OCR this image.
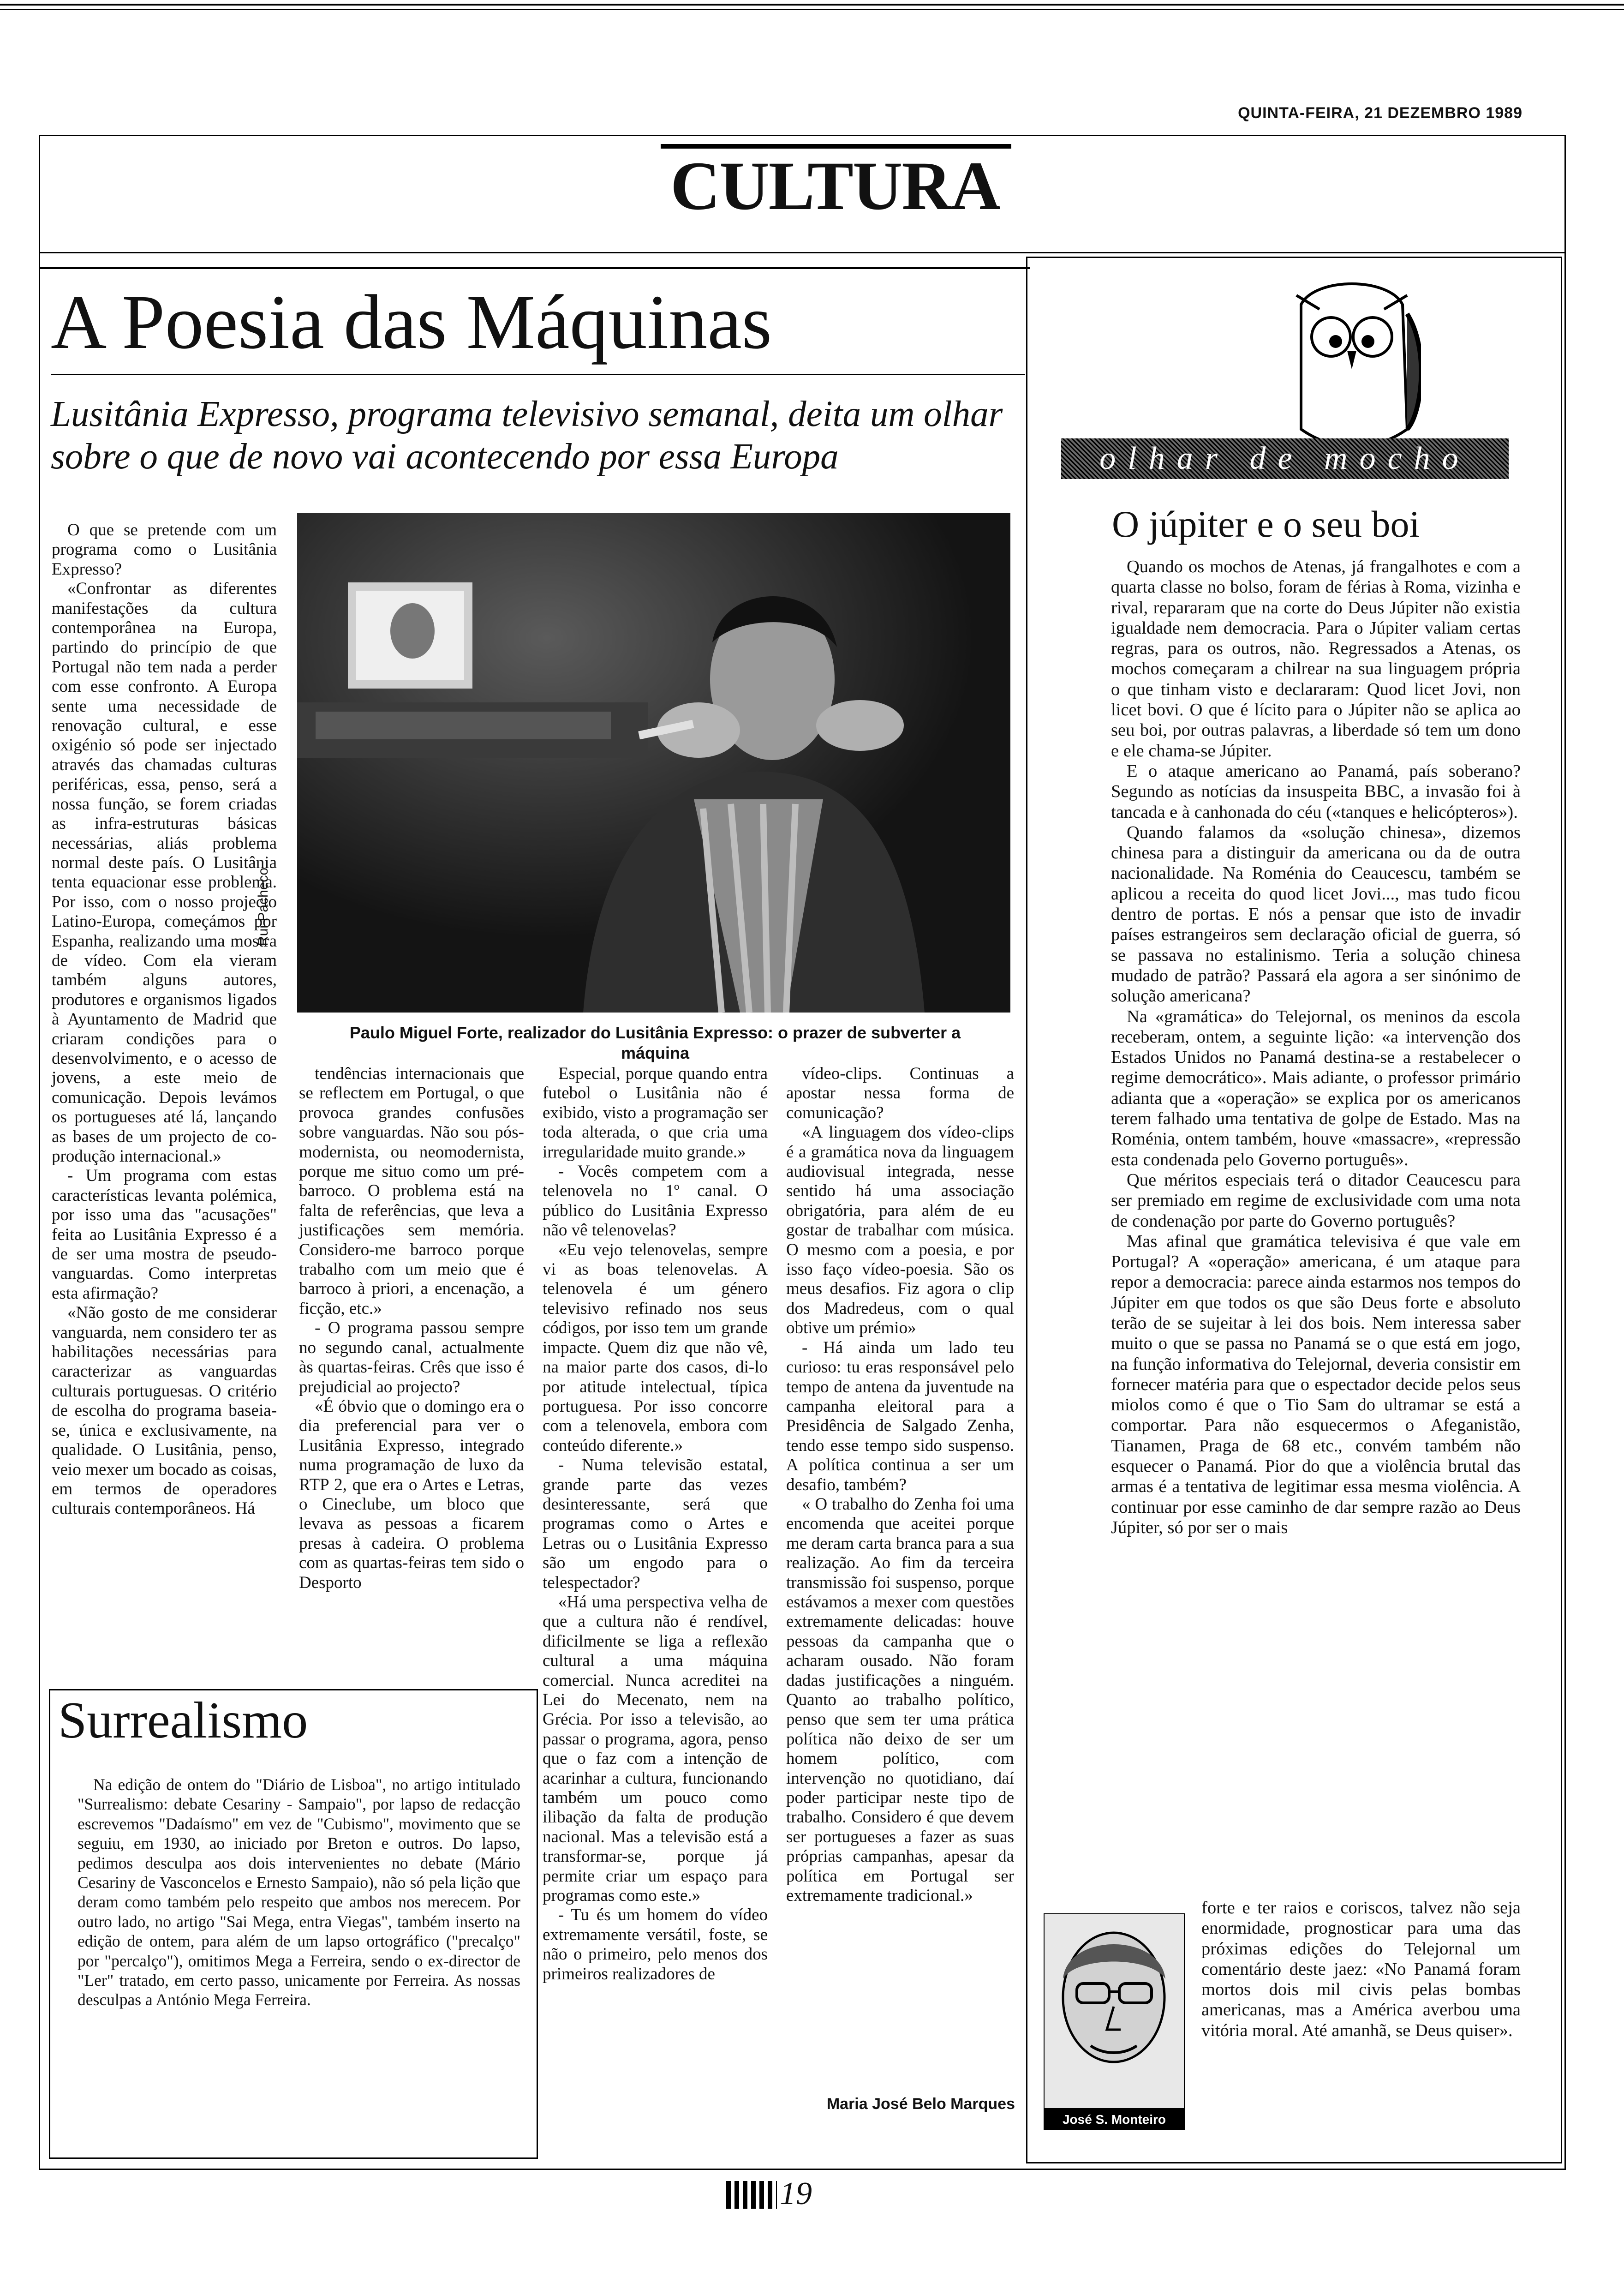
QUINTA-FEIRA, 21 DEZEMBRO 1989
CULTURA
A Poesia das Máquinas
Lusitânia Expresso, programa televisivo semanal, deita um olhar sobre o que de novo vai acontecendo por essa Europa
Rui Pacheco
Paulo Miguel Forte, realizador do Lusitânia Expresso: o prazer de subverter a máquina

O que se pretende com um programa como o Lusitânia Expresso?

«Confrontar as diferentes manifestações da cultura contemporânea na Europa, partindo do princípio de que Portugal não tem nada a perder com esse confronto. A Europa sente uma necessidade de renovação cultural, e esse oxigénio só pode ser injectado através das chamadas culturas periféricas, essa, penso, será a nossa função, se forem criadas as infra-estruturas básicas necessárias, aliás problema normal deste país. O Lusitânia tenta equacionar esse problema. Por isso, com o nosso projecto Latino-Europa, começámos por Espanha, realizando uma mostra de vídeo. Com ela vieram também alguns autores, produtores e organismos ligados à Ayuntamento de Madrid que criaram condições para o desenvolvimento, e o acesso de jovens, a este meio de comunicação. Depois levámos os portugueses até lá, lançando as bases de um projecto de co-produção internacional.»

- Um programa com estas características levanta polémica, por isso uma das "acusações" feita ao Lusitânia Expresso é a de ser uma mostra de pseudo-vanguardas. Como interpretas esta afirmação?

«Não gosto de me considerar vanguarda, nem considero ter as habilitações necessárias para caracterizar as vanguardas culturais portuguesas. O critério de escolha do programa baseia-se, única e exclusivamente, na qualidade. O Lusitânia, penso, veio mexer um bocado as coisas, em termos de operadores culturais contemporâneos. Há

tendências internacionais que se reflectem em Portugal, o que provoca grandes confusões sobre vanguardas. Não sou pós-modernista, ou neomodernista, porque me situo como um pré-barroco. O problema está na falta de referências, que leva a justificações sem memória. Considero-me barroco porque trabalho com um meio que é barroco à priori, a encenação, a ficção, etc.»

- O programa passou sempre no segundo canal, actualmente às quartas-feiras. Crês que isso é prejudicial ao projecto?

«É óbvio que o domingo era o dia preferencial para ver o Lusitânia Expresso, integrado numa programação de luxo da RTP 2, que era o Artes e Letras, o Cineclube, um bloco que levava as pessoas a ficarem presas à cadeira. O problema com as quartas-feiras tem sido o Desporto

Especial, porque quando entra futebol o Lusitânia não é exibido, visto a programação ser toda alterada, o que cria uma irregularidade muito grande.»

- Vocês competem com a telenovela no 1º canal. O público do Lusitânia Expresso não vê telenovelas?

«Eu vejo telenovelas, sempre vi as boas telenovelas. A telenovela é um género televisivo refinado nos seus códigos, por isso tem um grande impacte. Quem diz que não vê, na maior parte dos casos, di-lo por atitude intelectual, típica portuguesa. Por isso concorre com a telenovela, embora com conteúdo diferente.»

- Numa televisão estatal, grande parte das vezes desinteressante, será que programas como o Artes e Letras ou o Lusitânia Expresso são um engodo para o telespectador?

«Há uma perspectiva velha de que a cultura não é rendível, dificilmente se liga a reflexão cultural a uma máquina comercial. Nunca acreditei na Lei do Mecenato, nem na Grécia. Por isso a televisão, ao passar o programa, agora, penso que o faz com a intenção de acarinhar a cultura, funcionando também um pouco como ilibação da falta de produção nacional. Mas a televisão está a transformar-se, porque já permite criar um espaço para programas como este.»

- Tu és um homem do vídeo extremamente versátil, foste, se não o primeiro, pelo menos dos primeiros realizadores de

vídeo-clips. Continuas a apostar nessa forma de comunicação?

«A linguagem dos vídeo-clips é a gramática nova da linguagem audiovisual integrada, nesse sentido há uma associação obrigatória, para além de eu gostar de trabalhar com música. O mesmo com a poesia, e por isso faço vídeo-poesia. São os meus desafios. Fiz agora o clip dos Madredeus, com o qual obtive um prémio»

- Há ainda um lado teu curioso: tu eras responsável pelo tempo de antena da juventude na campanha eleitoral para a Presidência de Salgado Zenha, tendo esse tempo sido suspenso. A política continua a ser um desafio, também?

« O trabalho do Zenha foi uma encomenda que aceitei porque me deram carta branca para a sua realização. Ao fim da terceira transmissão foi suspenso, porque estávamos a mexer com questões extremamente delicadas: houve pessoas da campanha que o acharam ousado. Não foram dadas justificações a ninguém. Quanto ao trabalho político, penso que sem ter uma prática política não deixo de ser um homem político, com intervenção no quotidiano, daí poder participar neste tipo de trabalho. Considero é que devem ser portugueses a fazer as suas próprias campanhas, apesar da política em Portugal ser extremamente tradicional.»

Maria José Belo Marques
Surrealismo

Na edição de ontem do "Diário de Lisboa", no artigo intitulado "Surrealismo: debate Cesariny - Sampaio", por lapso de redacção escrevemos "Dadaísmo" em vez de "Cubismo", movimento que se seguiu, em 1930, ao iniciado por Breton e outros. Do lapso, pedimos desculpa aos dois intervenientes no debate (Mário Cesariny de Vasconcelos e Ernesto Sampaio), não só pela lição que deram como também pelo respeito que ambos nos merecem. Por outro lado, no artigo "Sai Mega, entra Viegas", também inserto na edição de ontem, para além de um lapso ortográfico ("precalço" por "percalço"), omitimos Mega a Ferreira, sendo o ex-director de "Ler" tratado, em certo passo, unicamente por Ferreira. As nossas desculpas a António Mega Ferreira.

olhar de mocho
O júpiter e o seu boi

Quando os mochos de Atenas, já frangalhotes e com a quarta classe no bolso, foram de férias à Roma, vizinha e rival, repararam que na corte do Deus Júpiter não existia igualdade nem democracia. Para o Júpiter valiam certas regras, para os outros, não. Regressados a Atenas, os mochos começaram a chilrear na sua linguagem própria o que tinham visto e declararam: Quod licet Jovi, non licet bovi. O que é lícito para o Júpiter não se aplica ao seu boi, por outras palavras, a liberdade só tem um dono e ele chama-se Júpiter.

E o ataque americano ao Panamá, país soberano? Segundo as notícias da insuspeita BBC, a invasão foi à tancada e à canhonada do céu («tanques e helicópteros»).

Quando falamos da «solução chinesa», dizemos chinesa para a distinguir da americana ou da de outra nacionalidade. Na Roménia do Ceaucescu, também se aplicou a receita do quod licet Jovi..., mas tudo ficou dentro de portas. E nós a pensar que isto de invadir países estrangeiros sem declaração oficial de guerra, só se passava no estalinismo. Teria a solução chinesa mudado de patrão? Passará ela agora a ser sinónimo de solução americana?

Na «gramática» do Telejornal, os meninos da escola receberam, ontem, a seguinte lição: «a intervenção dos Estados Unidos no Panamá destina-se a restabelecer o regime democrático». Mais adiante, o professor primário adianta que a «operação» se explica por os americanos terem falhado uma tentativa de golpe de Estado. Mas na Roménia, ontem também, houve «massacre», «repressão esta condenada pelo Governo português».

Que méritos especiais terá o ditador Ceaucescu para ser premiado em regime de exclusividade com uma nota de condenação por parte do Governo português?

Mas afinal que gramática televisiva é que vale em Portugal? A «operação» americana, é um ataque para repor a democracia: parece ainda estarmos nos tempos do Júpiter em que todos os que são Deus forte e absoluto terão de se sujeitar à lei dos bois. Nem interessa saber muito o que se passa no Panamá se o que está em jogo, na função informativa do Telejornal, deveria consistir em fornecer matéria para que o espectador decide pelos seus miolos como é que o Tio Sam do ultramar se está a comportar. Para não esquecermos o Afeganistão, Tianamen, Praga de 68 etc., convém também não esquecer o Panamá. Pior do que a violência brutal das armas é a tentativa de legitimar essa mesma violência. A continuar por esse caminho de dar sempre razão ao Deus Júpiter, só por ser o mais

José S. Monteiro

forte e ter raios e coriscos, talvez não seja enormidade, prognosticar para uma das próximas edições do Telejornal um comentário deste jaez: «No Panamá foram mortos dois mil civis pelas bombas americanas, mas a América averbou uma vitória moral. Até amanhã, se Deus quiser».

19
